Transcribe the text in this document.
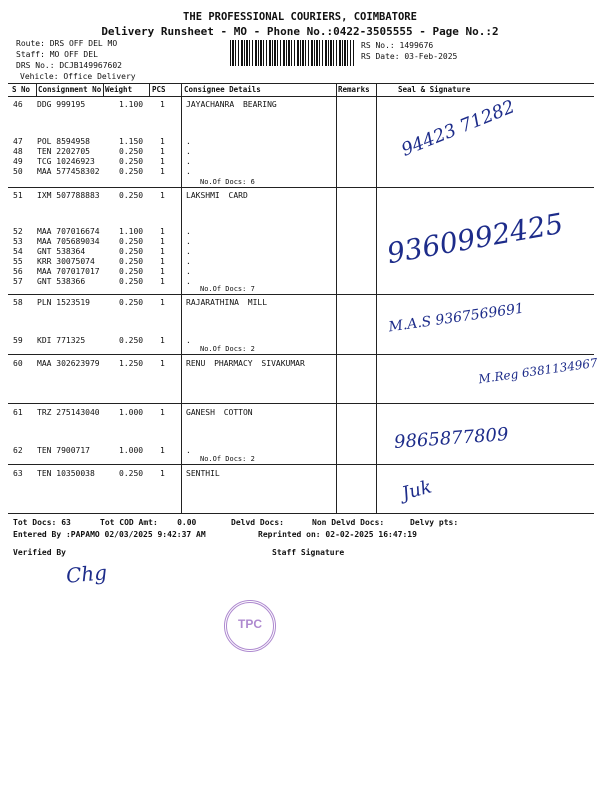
THE PROFESSIONAL COURIERS, COIMBATORE
Delivery Runsheet - MO - Phone No.:0422-3505555 - Page No.:2
Route: DRS OFF DEL MO
Staff: MO OFF DEL
DRS No.: DCJB149967602
Vehicle: Office Delivery
RS No.: 1499676
RS Date: 03-Feb-2025
S No Consignment No Weight	PCS Consignee Details	Remarks	Seal & Signature
46 DDG 999195	1.100 1	JAYACHANRA BEARING
47 POL 8594958	1.150 1	.
48 TEN 2202705	0.250 1	.
49 TCG 10246923	0.250 1	.
50 MAA 577458302 0.250 1	.
No.Of Docs: 6
51 IXM 507788883 0.250 1	LAKSHMI CARD
52 MAA 707016674 1.100 1	.
53 MAA 705689034 0.250 1	.
54 GNT 538364	0.250 1	.
55 KRR 30075074	0.250 1	.
56 MAA 707017017 0.250 1	.
57 GNT 538366	0.250 1	.
No.Of Docs: 7
58 PLN 1523519	0.250 1	RAJARATHINA MILL
59 KDI 771325	0.250 1	.
No.Of Docs: 2
60 MAA 302623979 1.250 1	RENU PHARMACY SIVAKUMAR
61 TRZ 275143040 1.000 1	GANESH COTTON
62 TEN 7900717	1.000 1	.
No.Of Docs: 2
63 TEN 10350038	0.250 1	SENTHIL
94423 71282
9360992425
M.A.S 9367569691
M.Reg 6381134967
9865877809
Juk
Tot Docs: 63	Tot COD Amt: 0.00	Delvd Docs:	Non Delvd Docs:	Delvy pts:
Entered By :PAPAMO 02/03/2025 9:42:37 AM	Reprinted on: 02-02-2025 16:47:19
Verified By	Staff Signature
Chg
TPC
